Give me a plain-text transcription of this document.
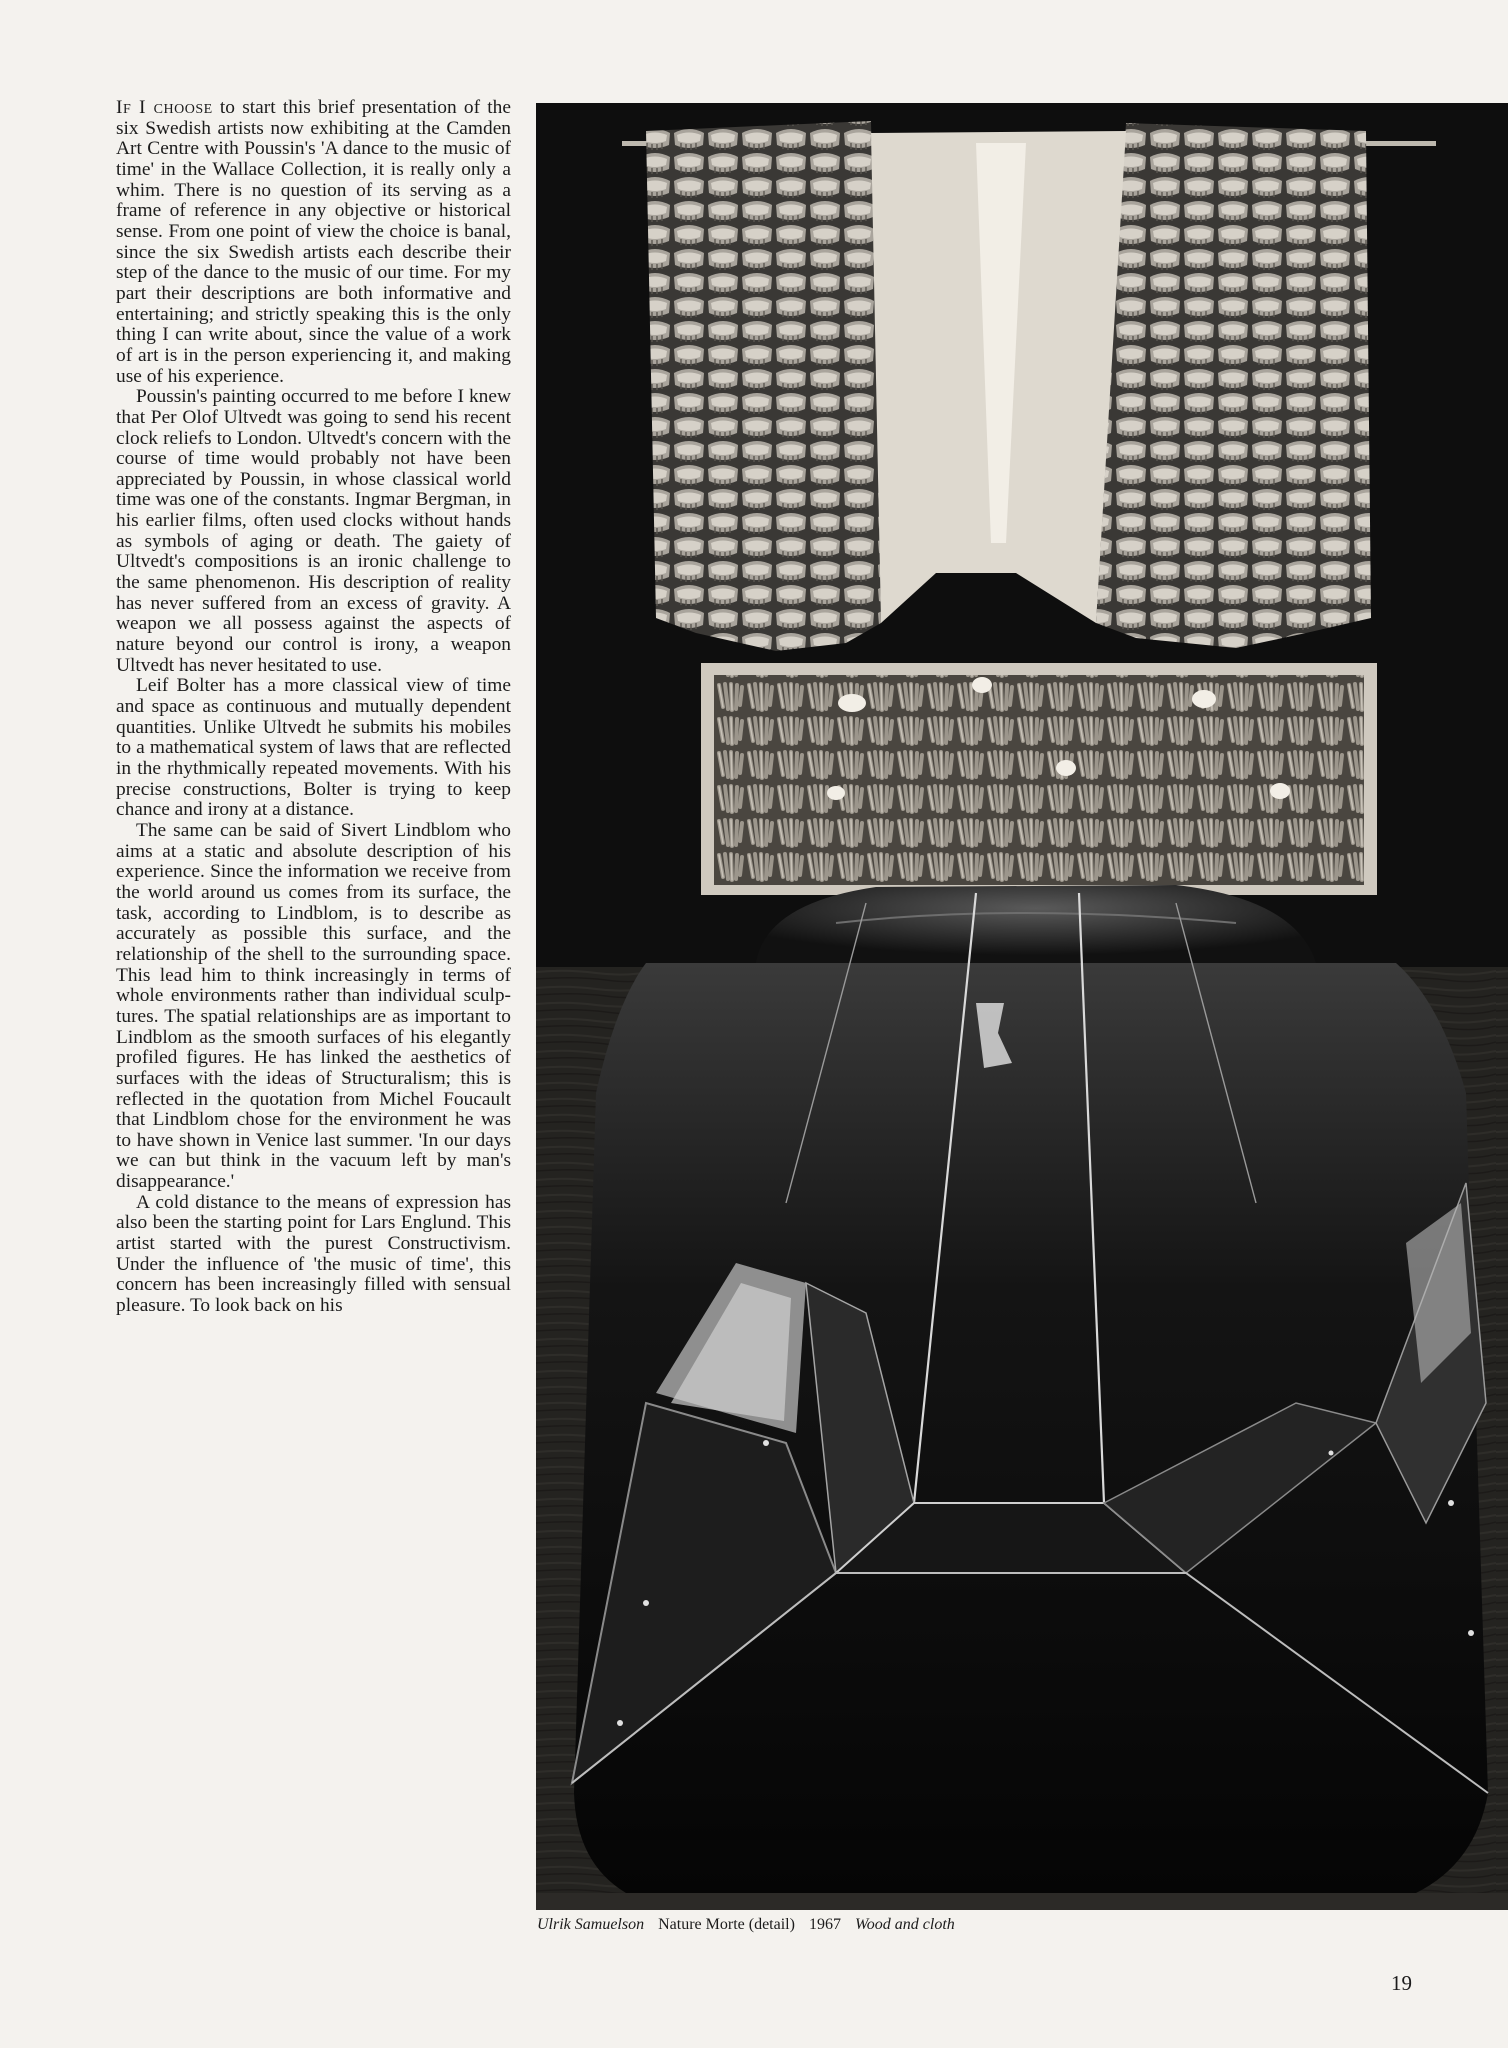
If I choose to start this brief presentation of the six Swedish artists now exhibiting at the Camden Art Centre with Poussin's 'A dance to the music of time' in the Wallace Collection, it is really only a whim. There is no question of its serving as a frame of reference in any objective or historical sense. From one point of view the choice is banal, since the six Swedish artists each describe their step of the dance to the music of our time. For my part their descriptions are both informative and entertaining; and strictly speaking this is the only thing I can write about, since the value of a work of art is in the person experiencing it, and making use of his experience.

Poussin's painting occurred to me before I knew that Per Olof Ultvedt was going to send his recent clock reliefs to London. Ultvedt's concern with the course of time would probably not have been appreciated by Poussin, in whose classical world time was one of the constants. Ingmar Bergman, in his earlier films, often used clocks without hands as symbols of aging or death. The gaiety of Ultvedt's compositions is an ironic challenge to the same phenomenon. His description of reality has never suffered from an excess of gravity. A weapon we all possess against the aspects of nature beyond our control is irony, a weapon Ultvedt has never hesitated to use.

Leif Bolter has a more classical view of time and space as continuous and mutually dependent quantities. Unlike Ultvedt he submits his mobiles to a mathematical system of laws that are reflected in the rhythmically repeated movements. With his precise constructions, Bolter is trying to keep chance and irony at a distance.

The same can be said of Sivert Lindblom who aims at a static and absolute description of his experience. Since the information we receive from the world around us comes from its surface, the task, according to Lindblom, is to describe as accurately as possible this surface, and the relationship of the shell to the surrounding space. This lead him to think increasingly in terms of whole environments rather than individual sculptures. The spatial relationships are as important to Lindblom as the smooth surfaces of his elegantly profiled figures. He has linked the aesthetics of surfaces with the ideas of Structuralism; this is reflected in the quotation from Michel Foucault that Lindblom chose for the environment he was to have shown in Venice last summer. 'In our days we can but think in the vacuum left by man's disappearance.'

A cold distance to the means of expression has also been the starting point for Lars Englund. This artist started with the purest Constructivism. Under the influence of 'the music of time', this concern has been increasingly filled with sensual pleasure. To look back on his

Ulrik Samuelson Nature Morte (detail) 1967 Wood and cloth
19
